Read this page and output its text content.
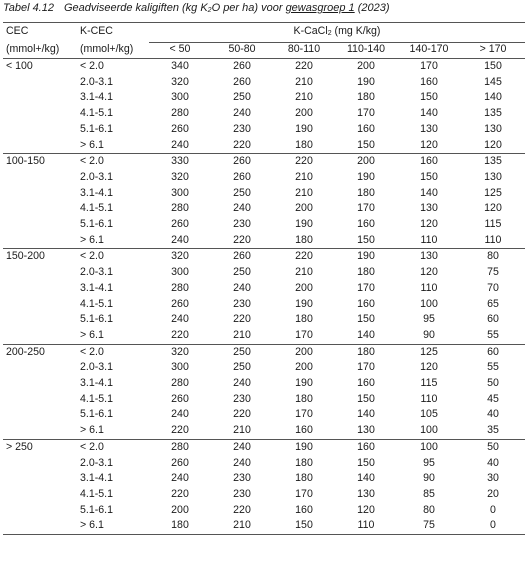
Tabel 4.12 Geadviseerde kaligiften (kg $K_2O$ per ha) voor gewasgroep 1 (2023)
CEC	K-CEC	K-CaCl$_2$ (mg K/kg)					
(mmol+/kg)	(mmol+/kg)	< 50	50-80	80-110	110-140	140-170	> 170
< 100	< 2.0	340	260	220	200	170	150
	2.0-3.1	320	260	210	190	160	145
	3.1-4.1	300	250	210	180	150	140
	4.1-5.1	280	240	200	170	140	135
	5.1-6.1	260	230	190	160	130	130
	> 6.1	240	220	180	150	120	120
100-150	< 2.0	330	260	220	200	160	135
	2.0-3.1	320	260	210	190	150	130
	3.1-4.1	300	250	210	180	140	125
	4.1-5.1	280	240	200	170	130	120
	5.1-6.1	260	230	190	160	120	115
	> 6.1	240	220	180	150	110	110
150-200	< 2.0	320	260	220	190	130	80
	2.0-3.1	300	250	210	180	120	75
	3.1-4.1	280	240	200	170	110	70
	4.1-5.1	260	230	190	160	100	65
	5.1-6.1	240	220	180	150	95	60
	> 6.1	220	210	170	140	90	55
200-250	< 2.0	320	250	200	180	125	60
	2.0-3.1	300	250	200	170	120	55
	3.1-4.1	280	240	190	160	115	50
	4.1-5.1	260	230	180	150	110	45
	5.1-6.1	240	220	170	140	105	40
	> 6.1	220	210	160	130	100	35
> 250	< 2.0	280	240	190	160	100	50
	2.0-3.1	260	240	180	150	95	40
	3.1-4.1	240	230	180	140	90	30
	4.1-5.1	220	230	170	130	85	20
	5.1-6.1	200	220	160	120	80	0
	> 6.1	180	210	150	110	75	0
